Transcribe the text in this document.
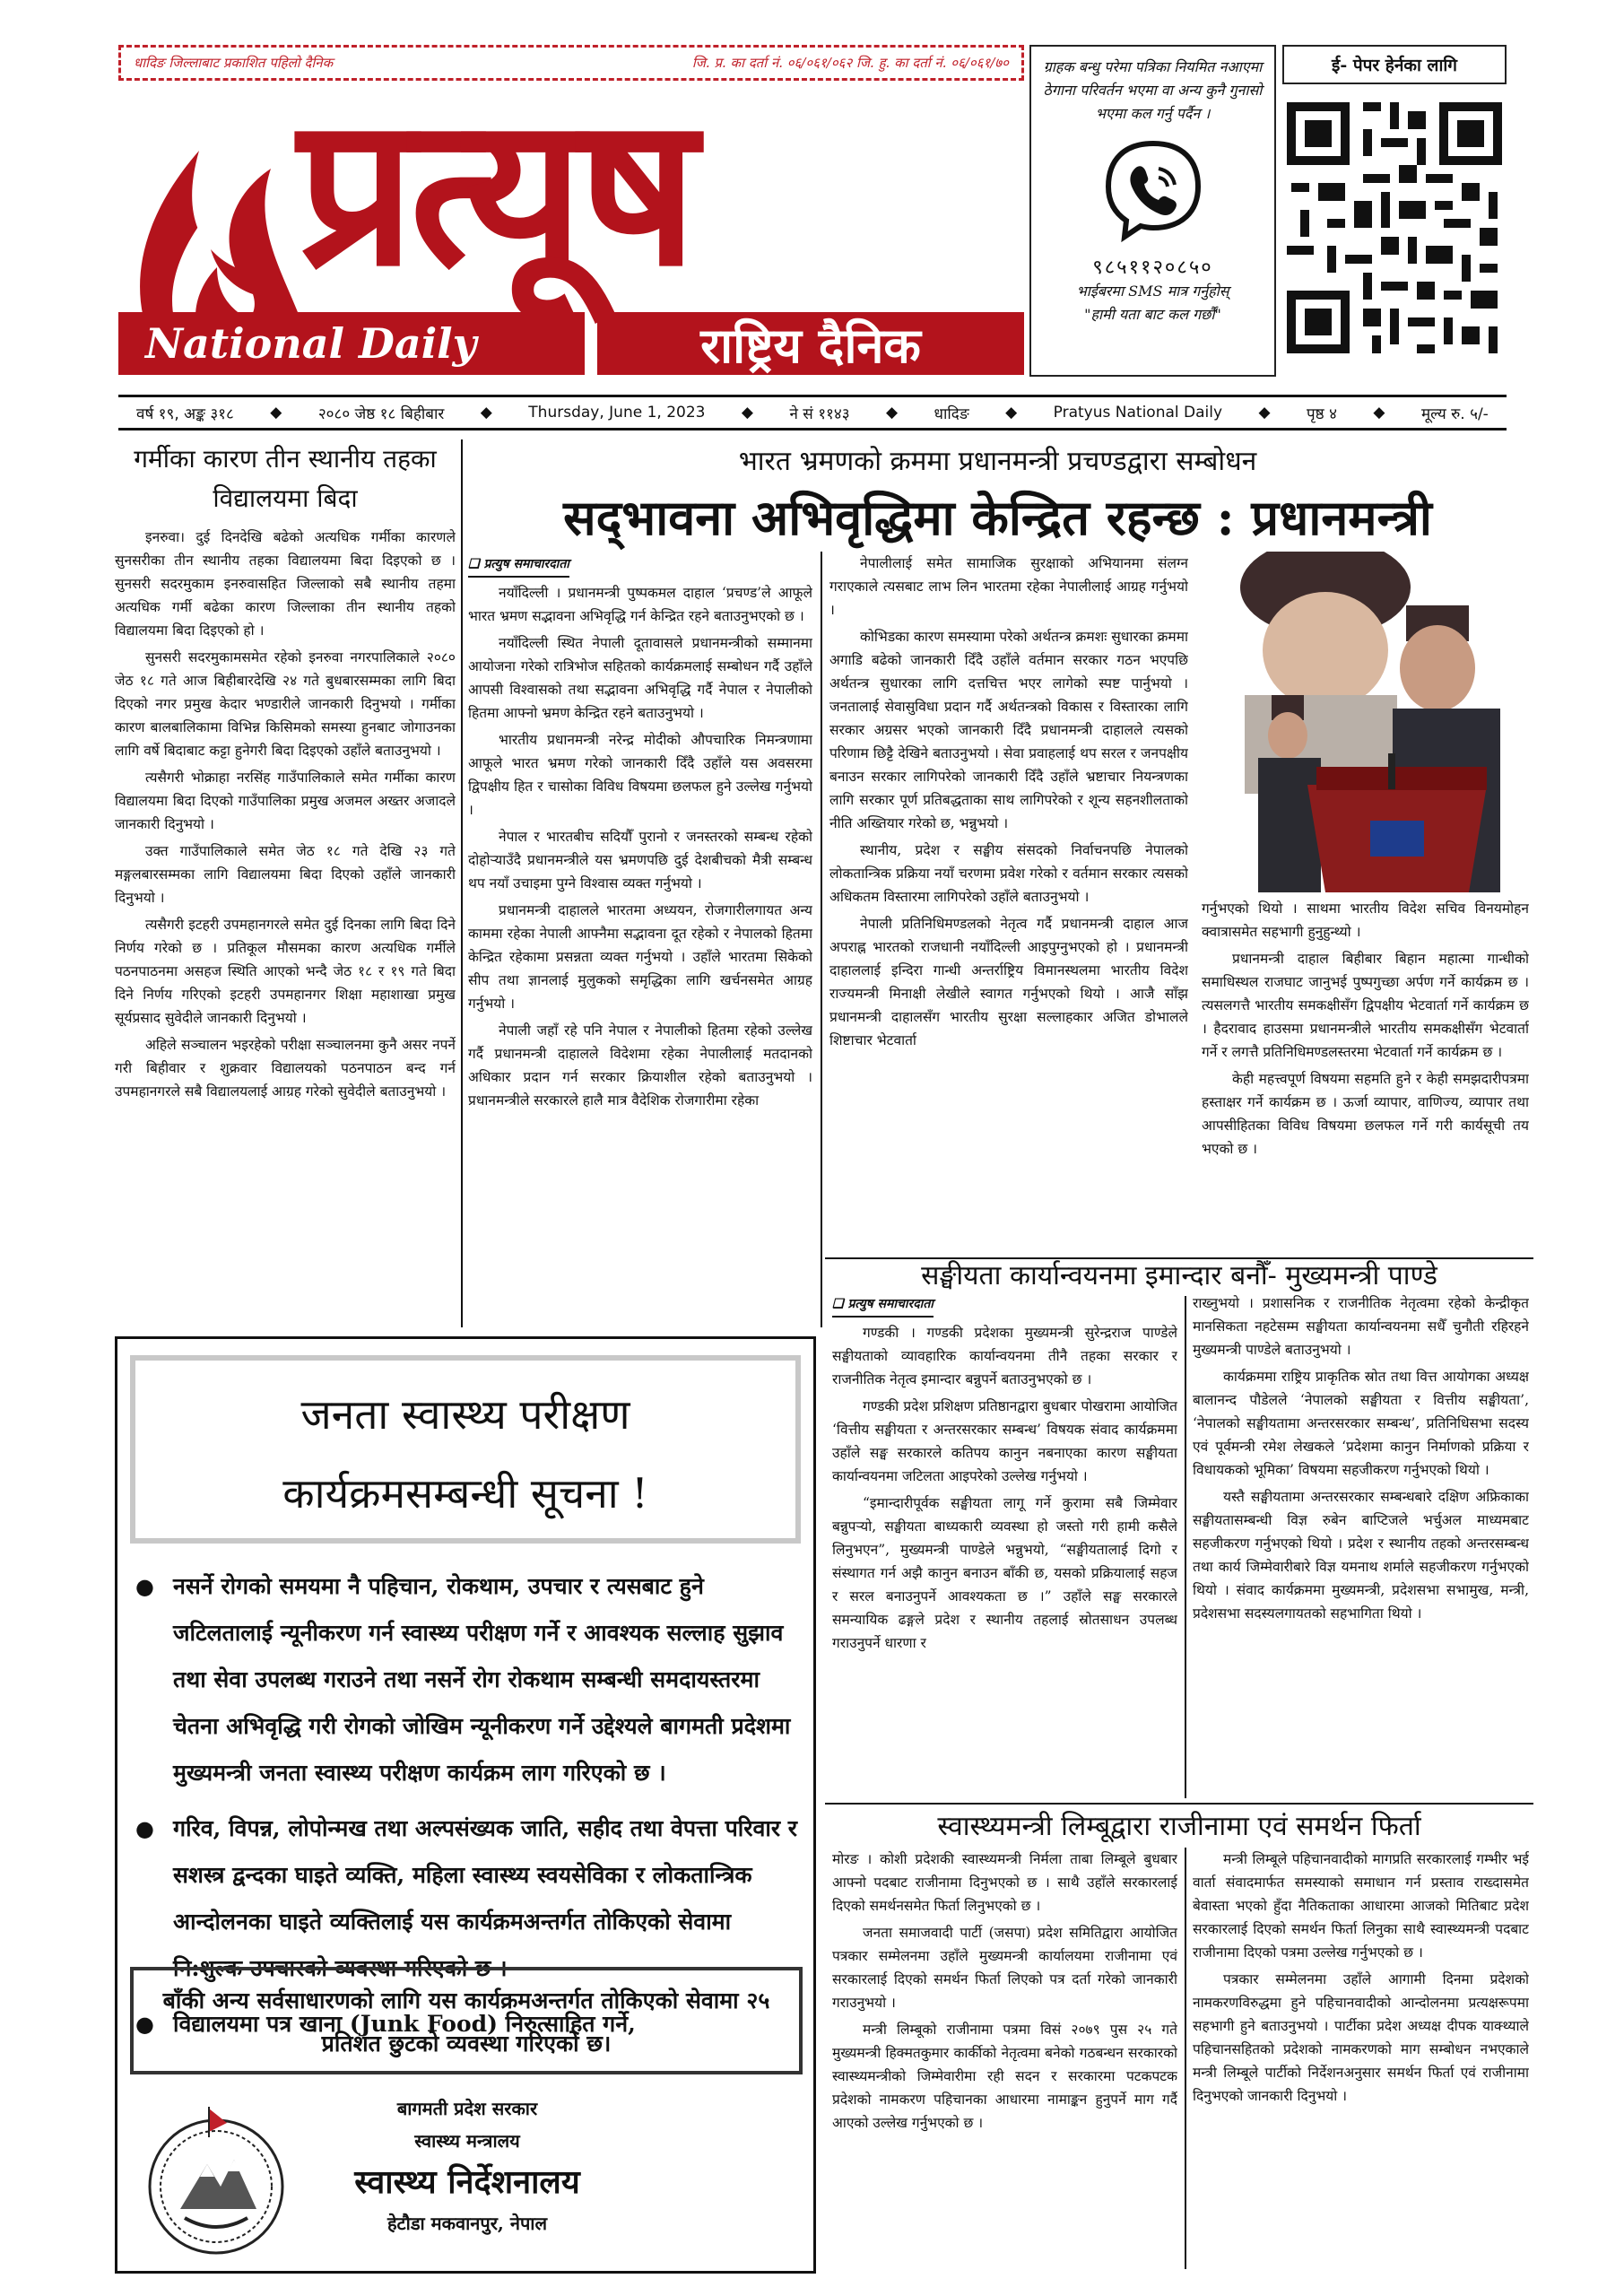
धादिङ जिल्लाबाट प्रकाशित पहिलो दैनिक	जि. प्र. का दर्ता नं. ०६/०६१/०६२ जि. हु. का दर्ता नं. ०६/०६१/७०
प्रत्यूष
National Daily	राष्ट्रिय दैनिक
ग्राहक बन्धु परेमा पत्रिका नियमित नआएमा ठेगाना परिवर्तन भएमा वा अन्य कुनै गुनासो भएमा कल गर्नु पर्दैन ।
९८५११२०८५०
भाईबरमा SMS मात्र गर्नुहोस्
"हामी यता बाट कल गर्छौं"
ई- पेपर हेर्नका लागि
वर्ष १९, अङ्क ३१८ ◆ २०८० जेष्ठ १८ बिहीबार ◆ Thursday, June 1, 2023 ◆ ने सं ११४३ ◆ धादिङ ◆ Pratyus National Daily ◆ पृष्ठ ४ ◆ मूल्य रु. ५/-
गर्मीका कारण तीन स्थानीय तहका विद्यालयमा बिदा

इनरुवा। दुई दिनदेखि बढेको अत्यधिक गर्मीका कारणले सुनसरीका तीन स्थानीय तहका विद्यालयमा बिदा दिइएको छ । सुनसरी सदरमुकाम इनरुवासहित जिल्लाको सबै स्थानीय तहमा अत्यधिक गर्मी बढेका कारण जिल्लाका तीन स्थानीय तहको विद्यालयमा बिदा दिइएको हो ।

सुनसरी सदरमुकामसमेत रहेको इनरुवा नगरपालिकाले २०८० जेठ १८ गते आज बिहीबारदेखि २४ गते बुधबारसम्मका लागि बिदा दिएको नगर प्रमुख केदार भण्डारीले जानकारी दिनुभयो । गर्मीका कारण बालबालिकामा विभिन्न किसिमको समस्या हुनबाट जोगाउनका लागि वर्षे बिदाबाट कट्टा हुनेगरी बिदा दिइएको उहाँले बताउनुभयो ।

त्यसैगरी भोक्राहा नरसिंह गाउँपालिकाले समेत गर्मीका कारण विद्यालयमा बिदा दिएको गाउँपालिका प्रमुख अजमल अख्तर अजादले जानकारी दिनुभयो ।

उक्त गाउँपालिकाले समेत जेठ १८ गते देखि २३ गते मङ्गलबारसम्मका लागि विद्यालयमा बिदा दिएको उहाँले जानकारी दिनुभयो ।

त्यसैगरी इटहरी उपमहानगरले समेत दुई दिनका लागि बिदा दिने निर्णय गरेको छ । प्रतिकूल मौसमका कारण अत्यधिक गर्मीले पठनपाठनमा असहज स्थिति आएको भन्दै जेठ १८ र १९ गते बिदा दिने निर्णय गरिएको इटहरी उपमहानगर शिक्षा महाशाखा प्रमुख सूर्यप्रसाद सुवेदीले जानकारी दिनुभयो ।

अहिले सञ्चालन भइरहेको परीक्षा सञ्चालनमा कुनै असर नपर्ने गरी बिहीवार र शुक्रवार विद्यालयको पठनपाठन बन्द गर्न उपमहानगरले सबै विद्यालयलाई आग्रह गरेको सुवेदीले बताउनुभयो ।

भारत भ्रमणको क्रममा प्रधानमन्त्री प्रचण्डद्वारा सम्बोधन
सद्‌भावना अभिवृद्धिमा केन्द्रित रहन्छ : प्रधानमन्त्री
❑ प्रत्युष समाचारदाता

नयाँदिल्ली । प्रधानमन्त्री पुष्पकमल दाहाल ‘प्रचण्ड’ले आफूले भारत भ्रमण सद्भावना अभिवृद्धि गर्न केन्द्रित रहने बताउनुभएको छ ।

नयाँदिल्ली स्थित नेपाली दूतावासले प्रधानमन्त्रीको सम्मानमा आयोजना गरेको रात्रिभोज सहितको कार्यक्रमलाई सम्बोधन गर्दै उहाँले आपसी विश्वासको तथा सद्भावना अभिवृद्धि गर्दै नेपाल र नेपालीको हितमा आफ्नो भ्रमण केन्द्रित रहने बताउनुभयो ।

भारतीय प्रधानमन्त्री नरेन्द्र मोदीको औपचारिक निमन्त्रणामा आफूले भारत भ्रमण गरेको जानकारी दिँदै उहाँले यस अवसरमा द्विपक्षीय हित र चासोका विविध विषयमा छलफल हुने उल्लेख गर्नुभयो ।

नेपाल र भारतबीच सदियौँ पुरानो र जनस्तरको सम्बन्ध रहेको दोहोऱ्याउँदै प्रधानमन्त्रीले यस भ्रमणपछि दुई देशबीचको मैत्री सम्बन्ध थप नयाँ उचाइमा पुग्ने विश्वास व्यक्त गर्नुभयो ।

प्रधानमन्त्री दाहालले भारतमा अध्ययन, रोजगारीलगायत अन्य काममा रहेका नेपाली आफ्नैमा सद्भावना दूत रहेको र नेपालको हितमा केन्द्रित रहेकामा प्रसन्नता व्यक्त गर्नुभयो । उहाँले भारतमा सिकेको सीप तथा ज्ञानलाई मुलुकको समृद्धिका लागि खर्चनसमेत आग्रह गर्नुभयो ।

नेपाली जहाँ रहे पनि नेपाल र नेपालीको हितमा रहेको उल्लेख गर्दै प्रधानमन्त्री दाहालले विदेशमा रहेका नेपालीलाई मतदानको अधिकार प्रदान गर्न सरकार क्रियाशील रहेको बताउनुभयो । प्रधानमन्त्रीले सरकारले हालै मात्र वैदेशिक रोजगारीमा रहेका

नेपालीलाई समेत सामाजिक सुरक्षाको अभियानमा संलग्न गराएकाले त्यसबाट लाभ लिन भारतमा रहेका नेपालीलाई आग्रह गर्नुभयो ।

कोभिडका कारण समस्यामा परेको अर्थतन्त्र क्रमशः सुधारका क्रममा अगाडि बढेको जानकारी दिँदै उहाँले वर्तमान सरकार गठन भएपछि अर्थतन्त्र सुधारका लागि दत्तचित्त भएर लागेको स्पष्ट पार्नुभयो । जनतालाई सेवासुविधा प्रदान गर्दै अर्थतन्त्रको विकास र विस्तारका लागि सरकार अग्रसर भएको जानकारी दिँदै प्रधानमन्त्री दाहालले त्यसको परिणाम छिट्टै देखिने बताउनुभयो । सेवा प्रवाहलाई थप सरल र जनपक्षीय बनाउन सरकार लागिपरेको जानकारी दिँदै उहाँले भ्रष्टाचार नियन्त्रणका लागि सरकार पूर्ण प्रतिबद्धताका साथ लागिपरेको र शून्य सहनशीलताको नीति अख्तियार गरेको छ, भन्नुभयो ।

स्थानीय, प्रदेश र सङ्घीय संसदको निर्वाचनपछि नेपालको लोकतान्त्रिक प्रक्रिया नयाँ चरणमा प्रवेश गरेको र वर्तमान सरकार त्यसको अधिकतम विस्तारमा लागिपरेको उहाँले बताउनुभयो ।

नेपाली प्रतिनिधिमण्डलको नेतृत्व गर्दै प्रधानमन्त्री दाहाल आज अपराह्न भारतको राजधानी नयाँदिल्ली आइपुग्नुभएको हो । प्रधानमन्त्री दाहाललाई इन्दिरा गान्धी अन्तर्राष्ट्रिय विमानस्थलमा भारतीय विदेश राज्यमन्त्री मिनाक्षी लेखीले स्वागत गर्नुभएको थियो । आजै साँझ प्रधानमन्त्री दाहालसँग भारतीय सुरक्षा सल्लाहकार अजित डोभालले शिष्टाचार भेटवार्ता

गर्नुभएको थियो । साथमा भारतीय विदेश सचिव विनयमोहन क्वात्रासमेत सहभागी हुनुहुन्थ्यो ।

प्रधानमन्त्री दाहाल बिहीबार बिहान महात्मा गान्धीको समाधिस्थल राजघाट जानुभई पुष्पगुच्छा अर्पण गर्ने कार्यक्रम छ । त्यसलगत्तै भारतीय समकक्षीसँग द्विपक्षीय भेटवार्ता गर्ने कार्यक्रम छ । हैदरावाद हाउसमा प्रधानमन्त्रीले भारतीय समकक्षीसँग भेटवार्ता गर्ने र लगत्तै प्रतिनिधिमण्डलस्तरमा भेटवार्ता गर्ने कार्यक्रम छ ।

केही महत्त्वपूर्ण विषयमा सहमति हुने र केही समझदारीपत्रमा हस्ताक्षर गर्ने कार्यक्रम छ । ऊर्जा व्यापार, वाणिज्य, व्यापार तथा आपसीहितका विविध विषयमा छलफल गर्ने गरी कार्यसूची तय भएको छ ।

सङ्घीयता कार्यान्वयनमा इमान्दार बनौँ- मुख्यमन्त्री पाण्डे
❑ प्रत्युष समाचारदाता

गण्डकी । गण्डकी प्रदेशका मुख्यमन्त्री सुरेन्द्रराज पाण्डेले सङ्घीयताको व्यावहारिक कार्यान्वयनमा तीनै तहका सरकार र राजनीतिक नेतृत्व इमान्दार बन्नुपर्ने बताउनुभएको छ ।

गण्डकी प्रदेश प्रशिक्षण प्रतिष्ठानद्वारा बुधबार पोखरामा आयोजित ‘वित्तीय सङ्घीयता र अन्तरसरकार सम्बन्ध’ विषयक संवाद कार्यक्रममा उहाँले सङ्घ सरकारले कतिपय कानुन नबनाएका कारण सङ्घीयता कार्यान्वयनमा जटिलता आइपरेको उल्लेख गर्नुभयो ।

“इमान्दारीपूर्वक सङ्घीयता लागू गर्ने कुरामा सबै जिम्मेवार बन्नुपऱ्यो, सङ्घीयता बाध्यकारी व्यवस्था हो जस्तो गरी हामी कसैले लिनुभएन”, मुख्यमन्त्री पाण्डेले भन्नुभयो, “सङ्घीयतालाई दिगो र संस्थागत गर्न अझै कानुन बनाउन बाँकी छ, यसको प्रक्रियालाई सहज र सरल बनाउनुपर्ने आवश्यकता छ ।” उहाँले सङ्घ सरकारले समन्यायिक ढङ्गले प्रदेश र स्थानीय तहलाई स्रोतसाधन उपलब्ध गराउनुपर्ने धारणा र

राख्नुभयो । प्रशासनिक र राजनीतिक नेतृत्वमा रहेको केन्द्रीकृत मानसिकता नहटेसम्म सङ्घीयता कार्यान्वयनमा सधैँ चुनौती रहिरहने मुख्यमन्त्री पाण्डेले बताउनुभयो ।

कार्यक्रममा राष्ट्रिय प्राकृतिक स्रोत तथा वित्त आयोगका अध्यक्ष बालानन्द पौडेलले ‘नेपालको सङ्घीयता र वित्तीय सङ्घीयता’, ‘नेपालको सङ्घीयतामा अन्तरसरकार सम्बन्ध’, प्रतिनिधिसभा सदस्य एवं पूर्वमन्त्री रमेश लेखकले ‘प्रदेशमा कानुन निर्माणको प्रक्रिया र विधायकको भूमिका’ विषयमा सहजीकरण गर्नुभएको थियो ।

यस्तै सङ्घीयतामा अन्तरसरकार सम्बन्धबारे दक्षिण अफ्रिकाका सङ्घीयतासम्बन्धी विज्ञ रुबेन बाप्टिजले भर्चुअल माध्यमबाट सहजीकरण गर्नुभएको थियो । प्रदेश र स्थानीय तहको अन्तरसम्बन्ध तथा कार्य जिम्मेवारीबारे विज्ञ यमनाथ शर्माले सहजीकरण गर्नुभएको थियो । संवाद कार्यक्रममा मुख्यमन्त्री, प्रदेशसभा सभामुख, मन्त्री, प्रदेशसभा सदस्यलगायतको सहभागिता थियो ।

स्वास्थ्यमन्त्री लिम्बूद्वारा राजीनामा एवं समर्थन फिर्ता

मोरङ । कोशी प्रदेशकी स्वास्थ्यमन्त्री निर्मला ताबा लिम्बूले बुधबार आफ्नो पदबाट राजीनामा दिनुभएको छ । साथै उहाँले सरकारलाई दिएको समर्थनसमेत फिर्ता लिनुभएको छ ।

जनता समाजवादी पार्टी (जसपा) प्रदेश समितिद्वारा आयोजित पत्रकार सम्मेलनमा उहाँले मुख्यमन्त्री कार्यालयमा राजीनामा एवं सरकारलाई दिएको समर्थन फिर्ता लिएको पत्र दर्ता गरेको जानकारी गराउनुभयो ।

मन्त्री लिम्बूको राजीनामा पत्रमा विसं २०७९ पुस २५ गते मुख्यमन्त्री हिक्मतकुमार कार्कीको नेतृत्वमा बनेको गठबन्धन सरकारको स्वास्थ्यमन्त्रीको जिम्मेवारीमा रही सदन र सरकारमा पटकपटक प्रदेशको नामकरण पहिचानका आधारमा नामाङ्कन हुनुपर्ने माग गर्दै आएको उल्लेख गर्नुभएको छ ।

मन्त्री लिम्बूले पहिचानवादीको मागप्रति सरकारलाई गम्भीर भई वार्ता संवादमार्फत समस्याको समाधान गर्न प्रस्ताव राख्दासमेत बेवास्ता भएको हुँदा नैतिकताका आधारमा आजको मितिबाट प्रदेश सरकारलाई दिएको समर्थन फिर्ता लिनुका साथै स्वास्थ्यमन्त्री पदबाट राजीनामा दिएको पत्रमा उल्लेख गर्नुभएको छ ।

पत्रकार सम्मेलनमा उहाँले आगामी दिनमा प्रदेशको नामकरणविरुद्धमा हुने पहिचानवादीको आन्दोलनमा प्रत्यक्षरूपमा सहभागी हुने बताउनुभयो । पार्टीका प्रदेश अध्यक्ष दीपक याक्थ्याले पहिचानसहितको प्रदेशको नामकरणको माग सम्बोधन नभएकाले मन्त्री लिम्बूले पार्टीको निर्देशनअनुसार समर्थन फिर्ता एवं राजीनामा दिनुभएको जानकारी दिनुभयो ।

जनता स्वास्थ्य परीक्षण
कार्यक्रमसम्बन्धी सूचना !
● नसर्ने रोगको समयमा नै पहिचान, रोकथाम, उपचार र त्यसबाट हुने जटिलतालाई न्यूनीकरण गर्न स्वास्थ्य परीक्षण गर्ने र आवश्यक सल्लाह सुझाव तथा सेवा उपलब्ध गराउने तथा नसर्ने रोग रोकथाम सम्बन्धी समदायस्तरमा चेतना अभिवृद्धि गरी रोगको जोखिम न्यूनीकरण गर्ने उद्देश्यले बागमती प्रदेशमा मुख्यमन्त्री जनता स्वास्थ्य परीक्षण कार्यक्रम लाग गरिएको छ ।
● गरिव, विपन्न, लोपोन्मख तथा अल्पसंख्यक जाति, सहीद तथा वेपत्ता परिवार र सशस्त्र द्वन्दका घाइते व्यक्ति, महिला स्वास्थ्य स्वयसेविका र लोकतान्त्रिक आन्दोलनका घाइते व्यक्तिलाई यस कार्यक्रमअन्तर्गत तोकिएको सेवामा नि:शुल्क उपचारको व्यवस्था गरिएको छ ।
● विद्यालयमा पत्र खाना (Junk Food) निरुत्साहित गर्ने,
बाँकी अन्य सर्वसाधारणको लागि यस कार्यक्रमअन्तर्गत तोकिएको सेवामा २५ प्रतिशत छुटको व्यवस्था गरिएको छ।
बागमती प्रदेश सरकार
स्वास्थ्य मन्त्रालय
स्वास्थ्य निर्देशनालय
हेटौडा मकवानपुर, नेपाल
